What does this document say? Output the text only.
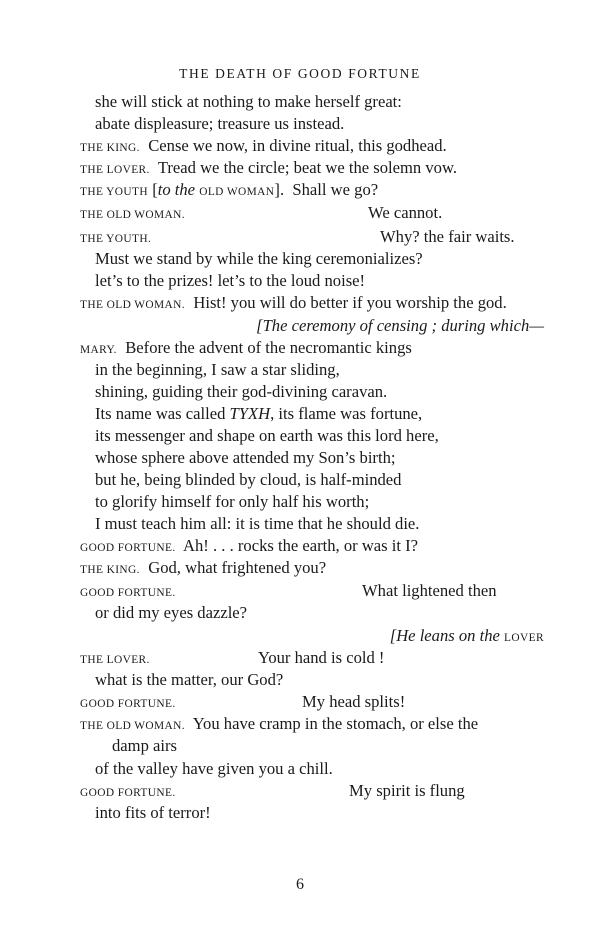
THE DEATH OF GOOD FORTUNE
she will stick at nothing to make herself great:
abate displeasure; treasure us instead.
THE KING. Cense we now, in divine ritual, this godhead.
THE LOVER. Tread we the circle; beat we the solemn vow.
THE YOUTH [to the OLD WOMAN]. Shall we go?
THE OLD WOMAN.	We cannot.
THE YOUTH.	Why? the fair waits.
Must we stand by while the king ceremonializes?
let’s to the prizes! let’s to the loud noise!
THE OLD WOMAN. Hist! you will do better if you worship the god.
[The ceremony of censing ; during which—
MARY. Before the advent of the necromantic kings
in the beginning, I saw a star sliding,
shining, guiding their god-divining caravan.
Its name was called TYXH, its flame was fortune,
its messenger and shape on earth was this lord here,
whose sphere above attended my Son’s birth;
but he, being blinded by cloud, is half-minded
to glorify himself for only half his worth;
I must teach him all: it is time that he should die.
GOOD FORTUNE. Ah! . . . rocks the earth, or was it I?
THE KING. God, what frightened you?
GOOD FORTUNE.	What lightened then
or did my eyes dazzle?
[He leans on the LOVER
THE LOVER.	Your hand is cold !
what is the matter, our God?
GOOD FORTUNE.	My head splits!
THE OLD WOMAN. You have cramp in the stomach, or else the
damp airs
of the valley have given you a chill.
GOOD FORTUNE.	My spirit is flung
into fits of terror!
6
